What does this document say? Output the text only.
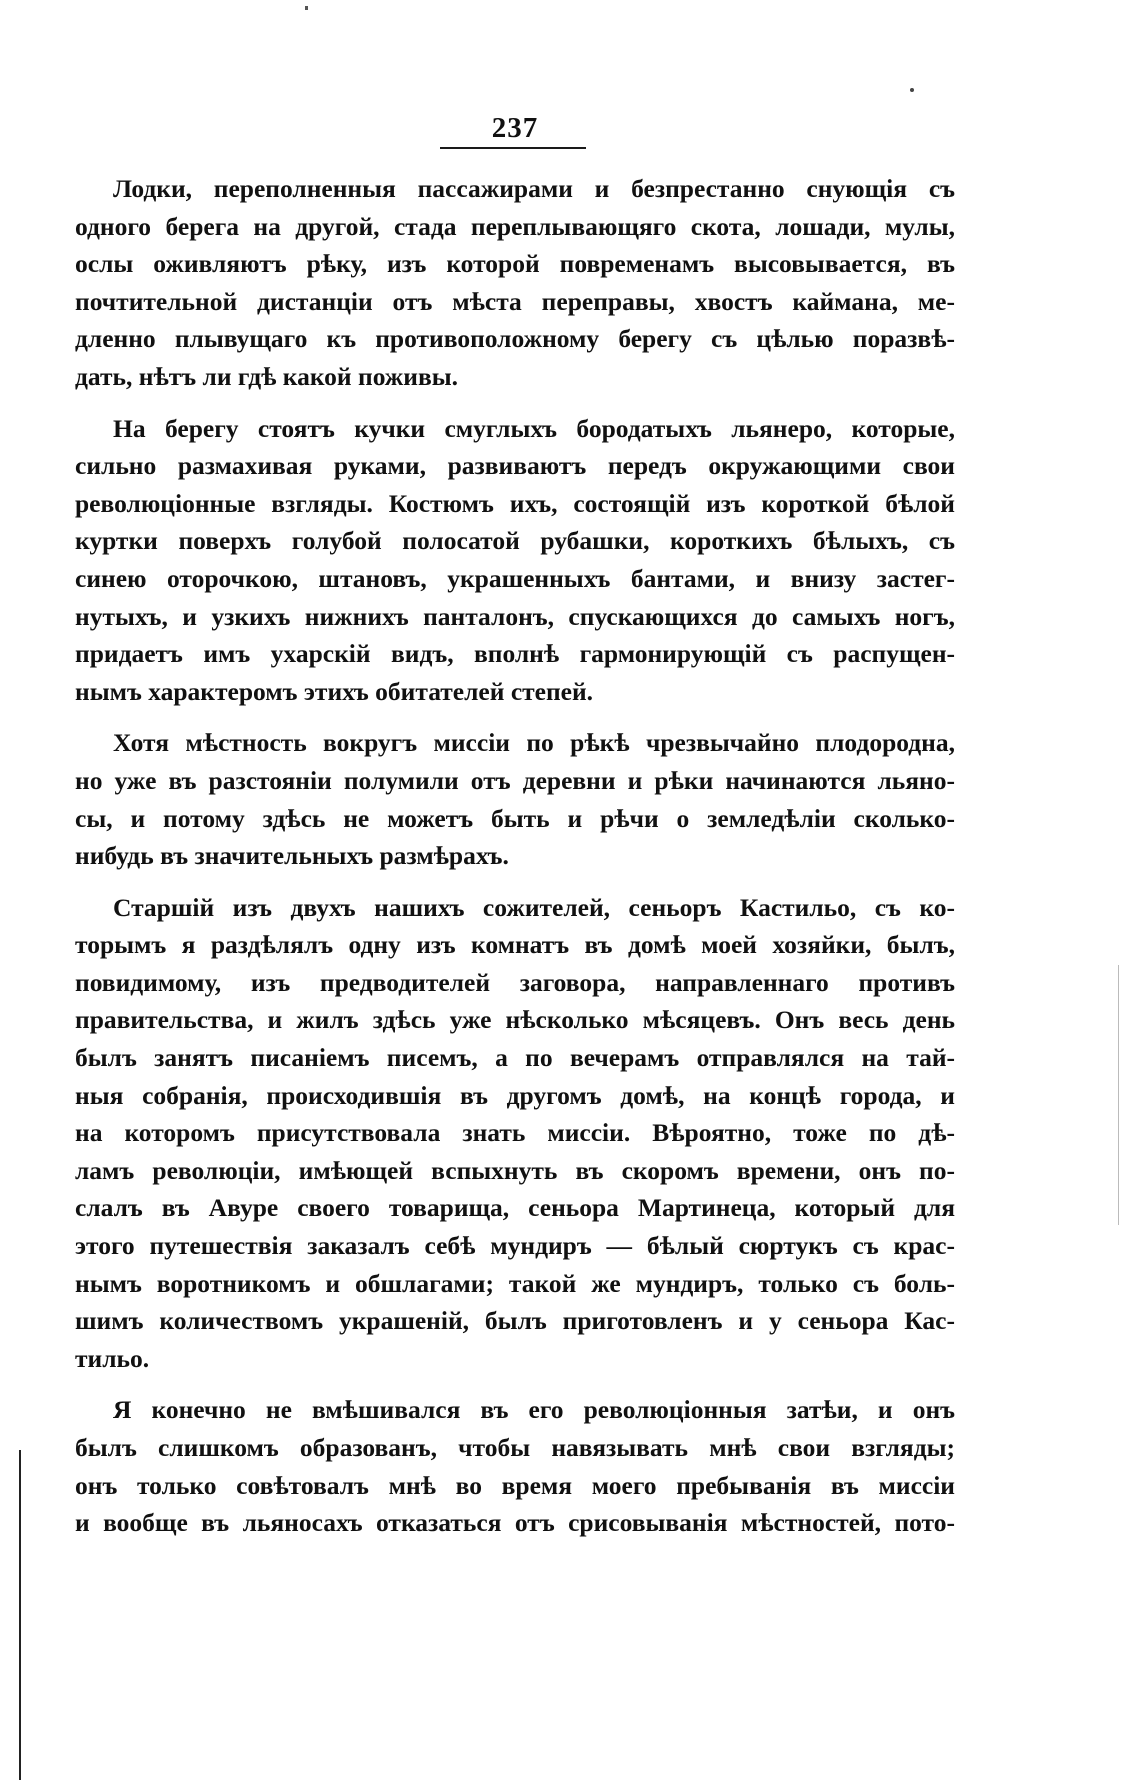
237
Лодки, переполненныя пассажирами и безпрестанно снующія съ
одного берега на другой, стада переплывающяго скота, лошади, мулы,
ослы оживляютъ рѣку, изъ которой повременамъ высовывается, въ
почтительной дистанціи отъ мѣста переправы, хвостъ каймана, ме-
дленно плывущаго къ противоположному берегу съ цѣлью поразвѣ-
дать, нѣтъ ли гдѣ какой поживы.
На берегу стоятъ кучки смуглыхъ бородатыхъ льянеро, которые,
сильно размахивая руками, развиваютъ передъ окружающими свои
революціонные взгляды. Костюмъ ихъ, состоящій изъ короткой бѣлой
куртки поверхъ голубой полосатой рубашки, короткихъ бѣлыхъ, съ
синею оторочкою, штановъ, украшенныхъ бантами, и внизу застег-
нутыхъ, и узкихъ нижнихъ панталонъ, спускающихся до самыхъ ногъ,
придаетъ имъ ухарскій видъ, вполнѣ гармонирующій съ распущен-
нымъ характеромъ этихъ обитателей степей.
Хотя мѣстность вокругъ миссіи по рѣкѣ чрезвычайно плодородна,
но уже въ разстояніи полумили отъ деревни и рѣки начинаются льяно-
сы, и потому здѣсь не можетъ быть и рѣчи о земледѣліи сколько-
нибудь въ значительныхъ размѣрахъ.
Старшій изъ двухъ нашихъ сожителей, сеньоръ Кастильо, съ ко-
торымъ я раздѣлялъ одну изъ комнатъ въ домѣ моей хозяйки, былъ,
повидимому, изъ предводителей заговора, направленнаго противъ
правительства, и жилъ здѣсь уже нѣсколько мѣсяцевъ. Онъ весь день
былъ занятъ писаніемъ писемъ, а по вечерамъ отправлялся на тай-
ныя собранія, происходившія въ другомъ домѣ, на концѣ города, и
на которомъ присутствовала знать миссіи. Вѣроятно, тоже по дѣ-
ламъ революціи, имѣющей вспыхнуть въ скоромъ времени, онъ по-
слалъ въ Авуре своего товарища, сеньора Мартинеца, который для
этого путешествія заказалъ себѣ мундиръ — бѣлый сюртукъ съ крас-
нымъ воротникомъ и обшлагами; такой же мундиръ, только съ боль-
шимъ количествомъ украшеній, былъ приготовленъ и у сеньора Кас-
тильо.
Я конечно не вмѣшивался въ его революціонныя затѣи, и онъ
былъ слишкомъ образованъ, чтобы навязывать мнѣ свои взгляды;
онъ только совѣтовалъ мнѣ во время моего пребыванія въ миссіи
и вообще въ льяносахъ отказаться отъ срисовыванія мѣстностей, пото-
